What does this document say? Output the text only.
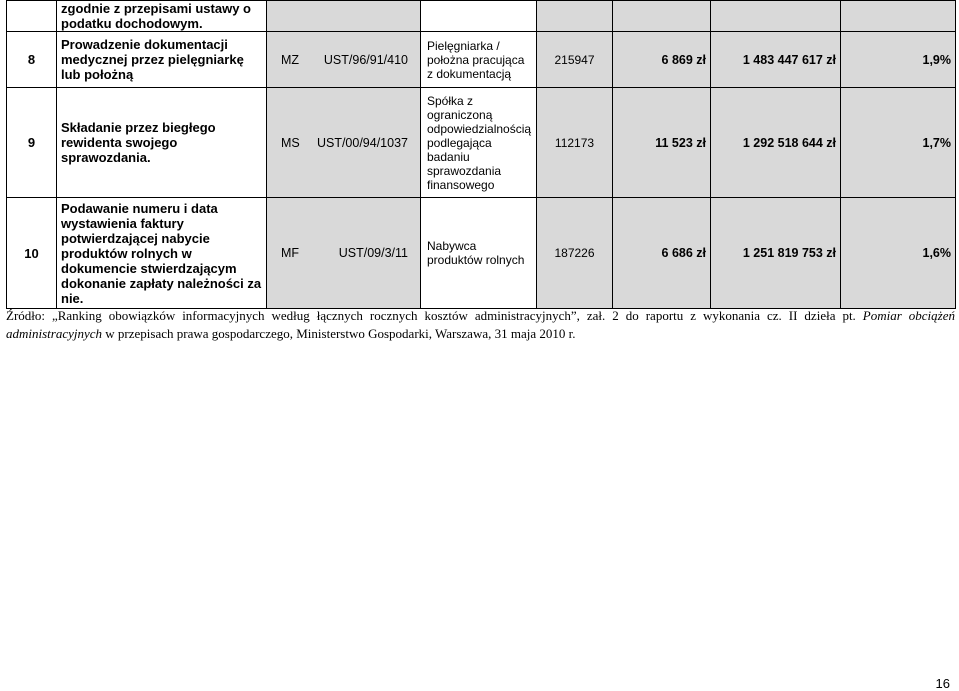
	zgodnie z przepisami ustawy o podatku dochodowym.						
8	Prowadzenie dokumentacji medycznej przez pielęgniarkę lub położną	MZ UST/96/91/410	Pielęgniarka / położna pracująca z dokumentacją	215947	6 869 zł	1 483 447 617 zł	1,9%
9	Składanie przez biegłego rewidenta swojego sprawozdania.	MS UST/00/94/1037	Spółka z ograniczoną odpowiedzialnością podlegająca badaniu sprawozdania finansowego	112173	11 523 zł	1 292 518 644 zł	1,7%
10	Podawanie numeru i data wystawienia faktury potwierdzającej nabycie produktów rolnych w dokumencie stwierdzającym dokonanie zapłaty należności za nie.	MF UST/09/3/11	Nabywca produktów rolnych	187226	6 686 zł	1 251 819 753 zł	1,6%
Źródło: „Ranking obowiązków informacyjnych według łącznych rocznych kosztów administracyjnych”, zał. 2 do raportu z wykonania cz. II dzieła pt. Pomiar obciążeń administracyjnych w przepisach prawa gospodarczego, Ministerstwo Gospodarki, Warszawa, 31 maja 2010 r.
16
